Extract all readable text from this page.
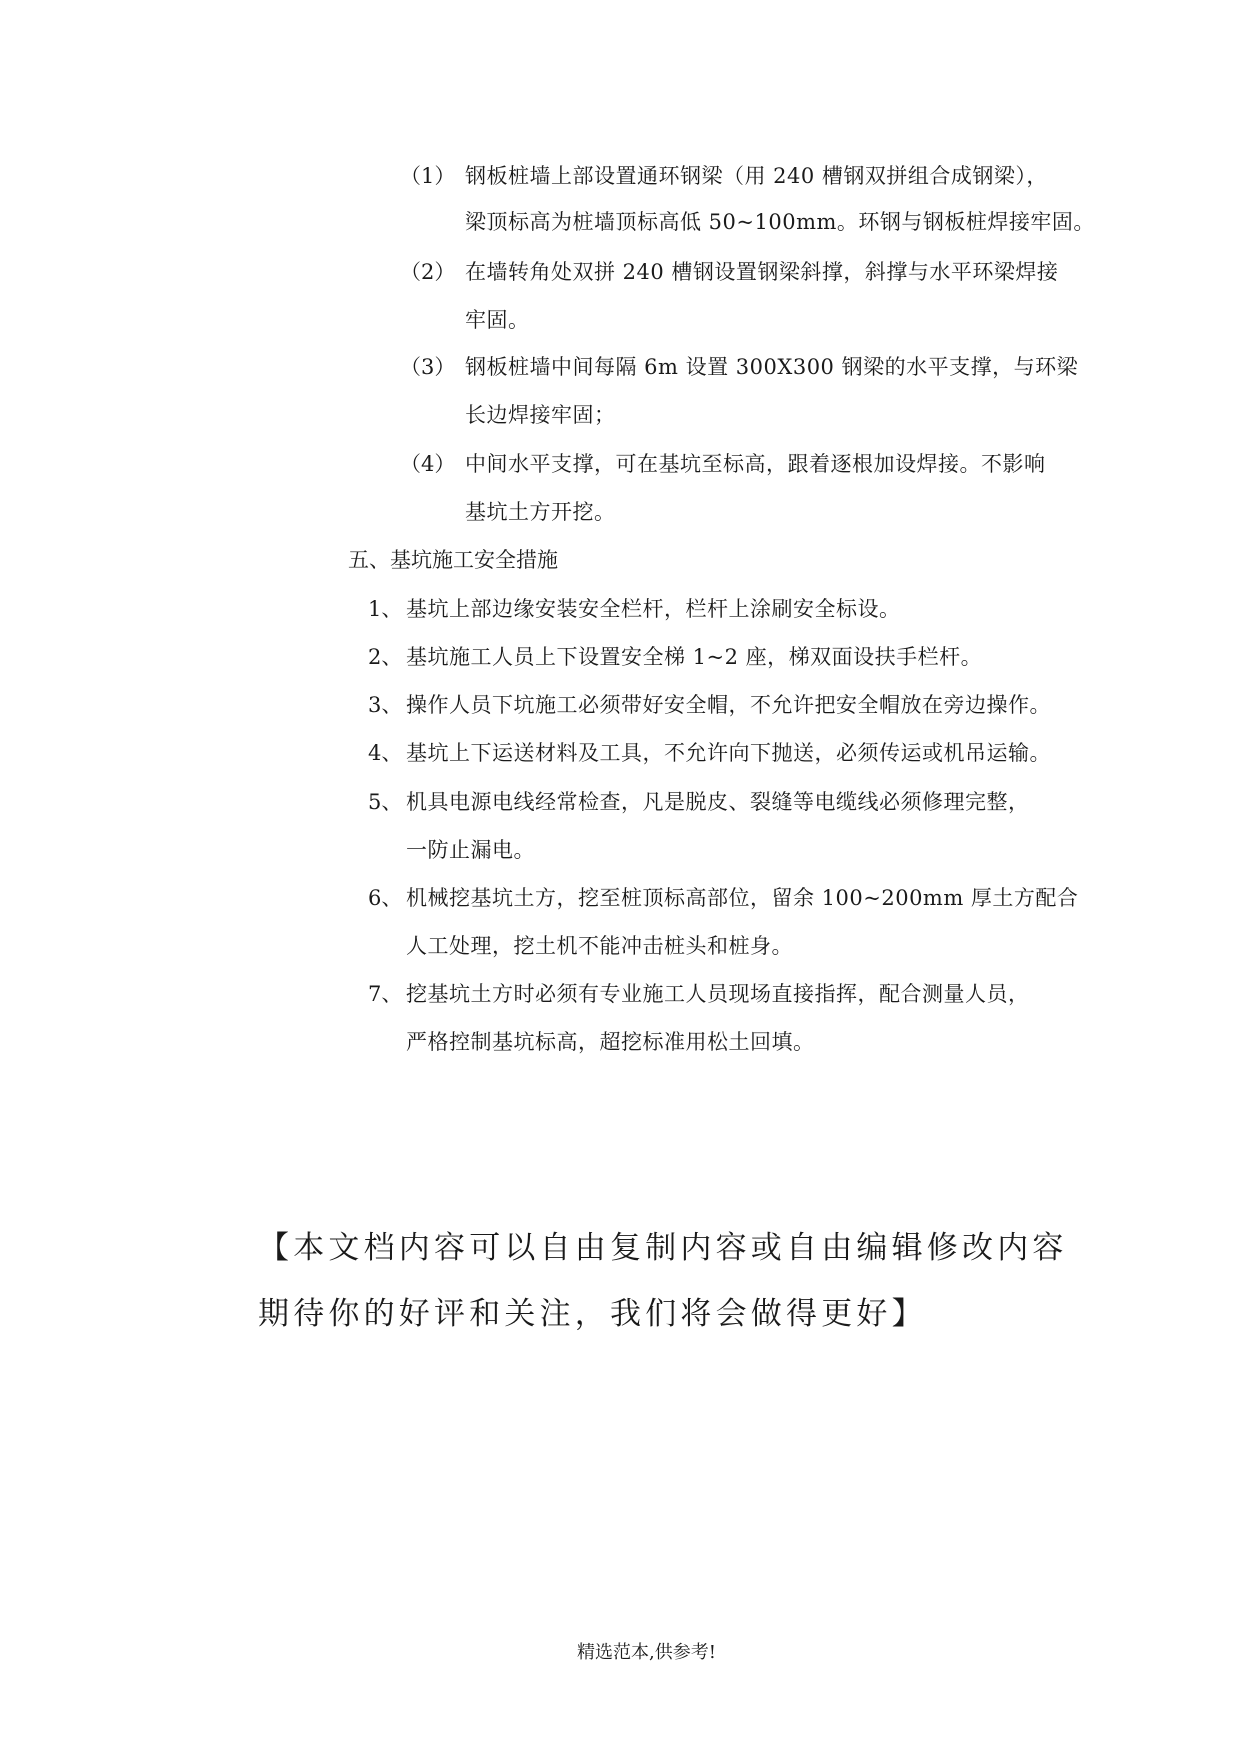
（1） 钢板桩墙上部设置通环钢梁（用 240 槽钢双拼组合成钢梁），
梁顶标高为桩墙顶标高低 50~100mm。环钢与钢板桩焊接牢固。
（2） 在墙转角处双拼 240 槽钢设置钢梁斜撑，斜撑与水平环梁焊接
牢固。
（3） 钢板桩墙中间每隔 6m 设置 300X300 钢梁的水平支撑，与环梁
长边焊接牢固；
（4） 中间水平支撑，可在基坑至标高，跟着逐根加设焊接。不影响
基坑土方开挖。
五、基坑施工安全措施
1、 基坑上部边缘安装安全栏杆，栏杆上涂刷安全标设。
2、 基坑施工人员上下设置安全梯 1~2 座，梯双面设扶手栏杆。
3、 操作人员下坑施工必须带好安全帽，不允许把安全帽放在旁边操作。
4、 基坑上下运送材料及工具，不允许向下抛送，必须传运或机吊运输。
5、 机具电源电线经常检查，凡是脱皮、裂缝等电缆线必须修理完整，
一防止漏电。
6、 机械挖基坑土方，挖至桩顶标高部位，留余 100~200mm 厚土方配合
人工处理，挖土机不能冲击桩头和桩身。
7、 挖基坑土方时必须有专业施工人员现场直接指挥，配合测量人员，
严格控制基坑标高，超挖标准用松土回填。
【本文档内容可以自由复制内容或自由编辑修改内容
期待你的好评和关注，我们将会做得更好】
精选范本,供参考!
